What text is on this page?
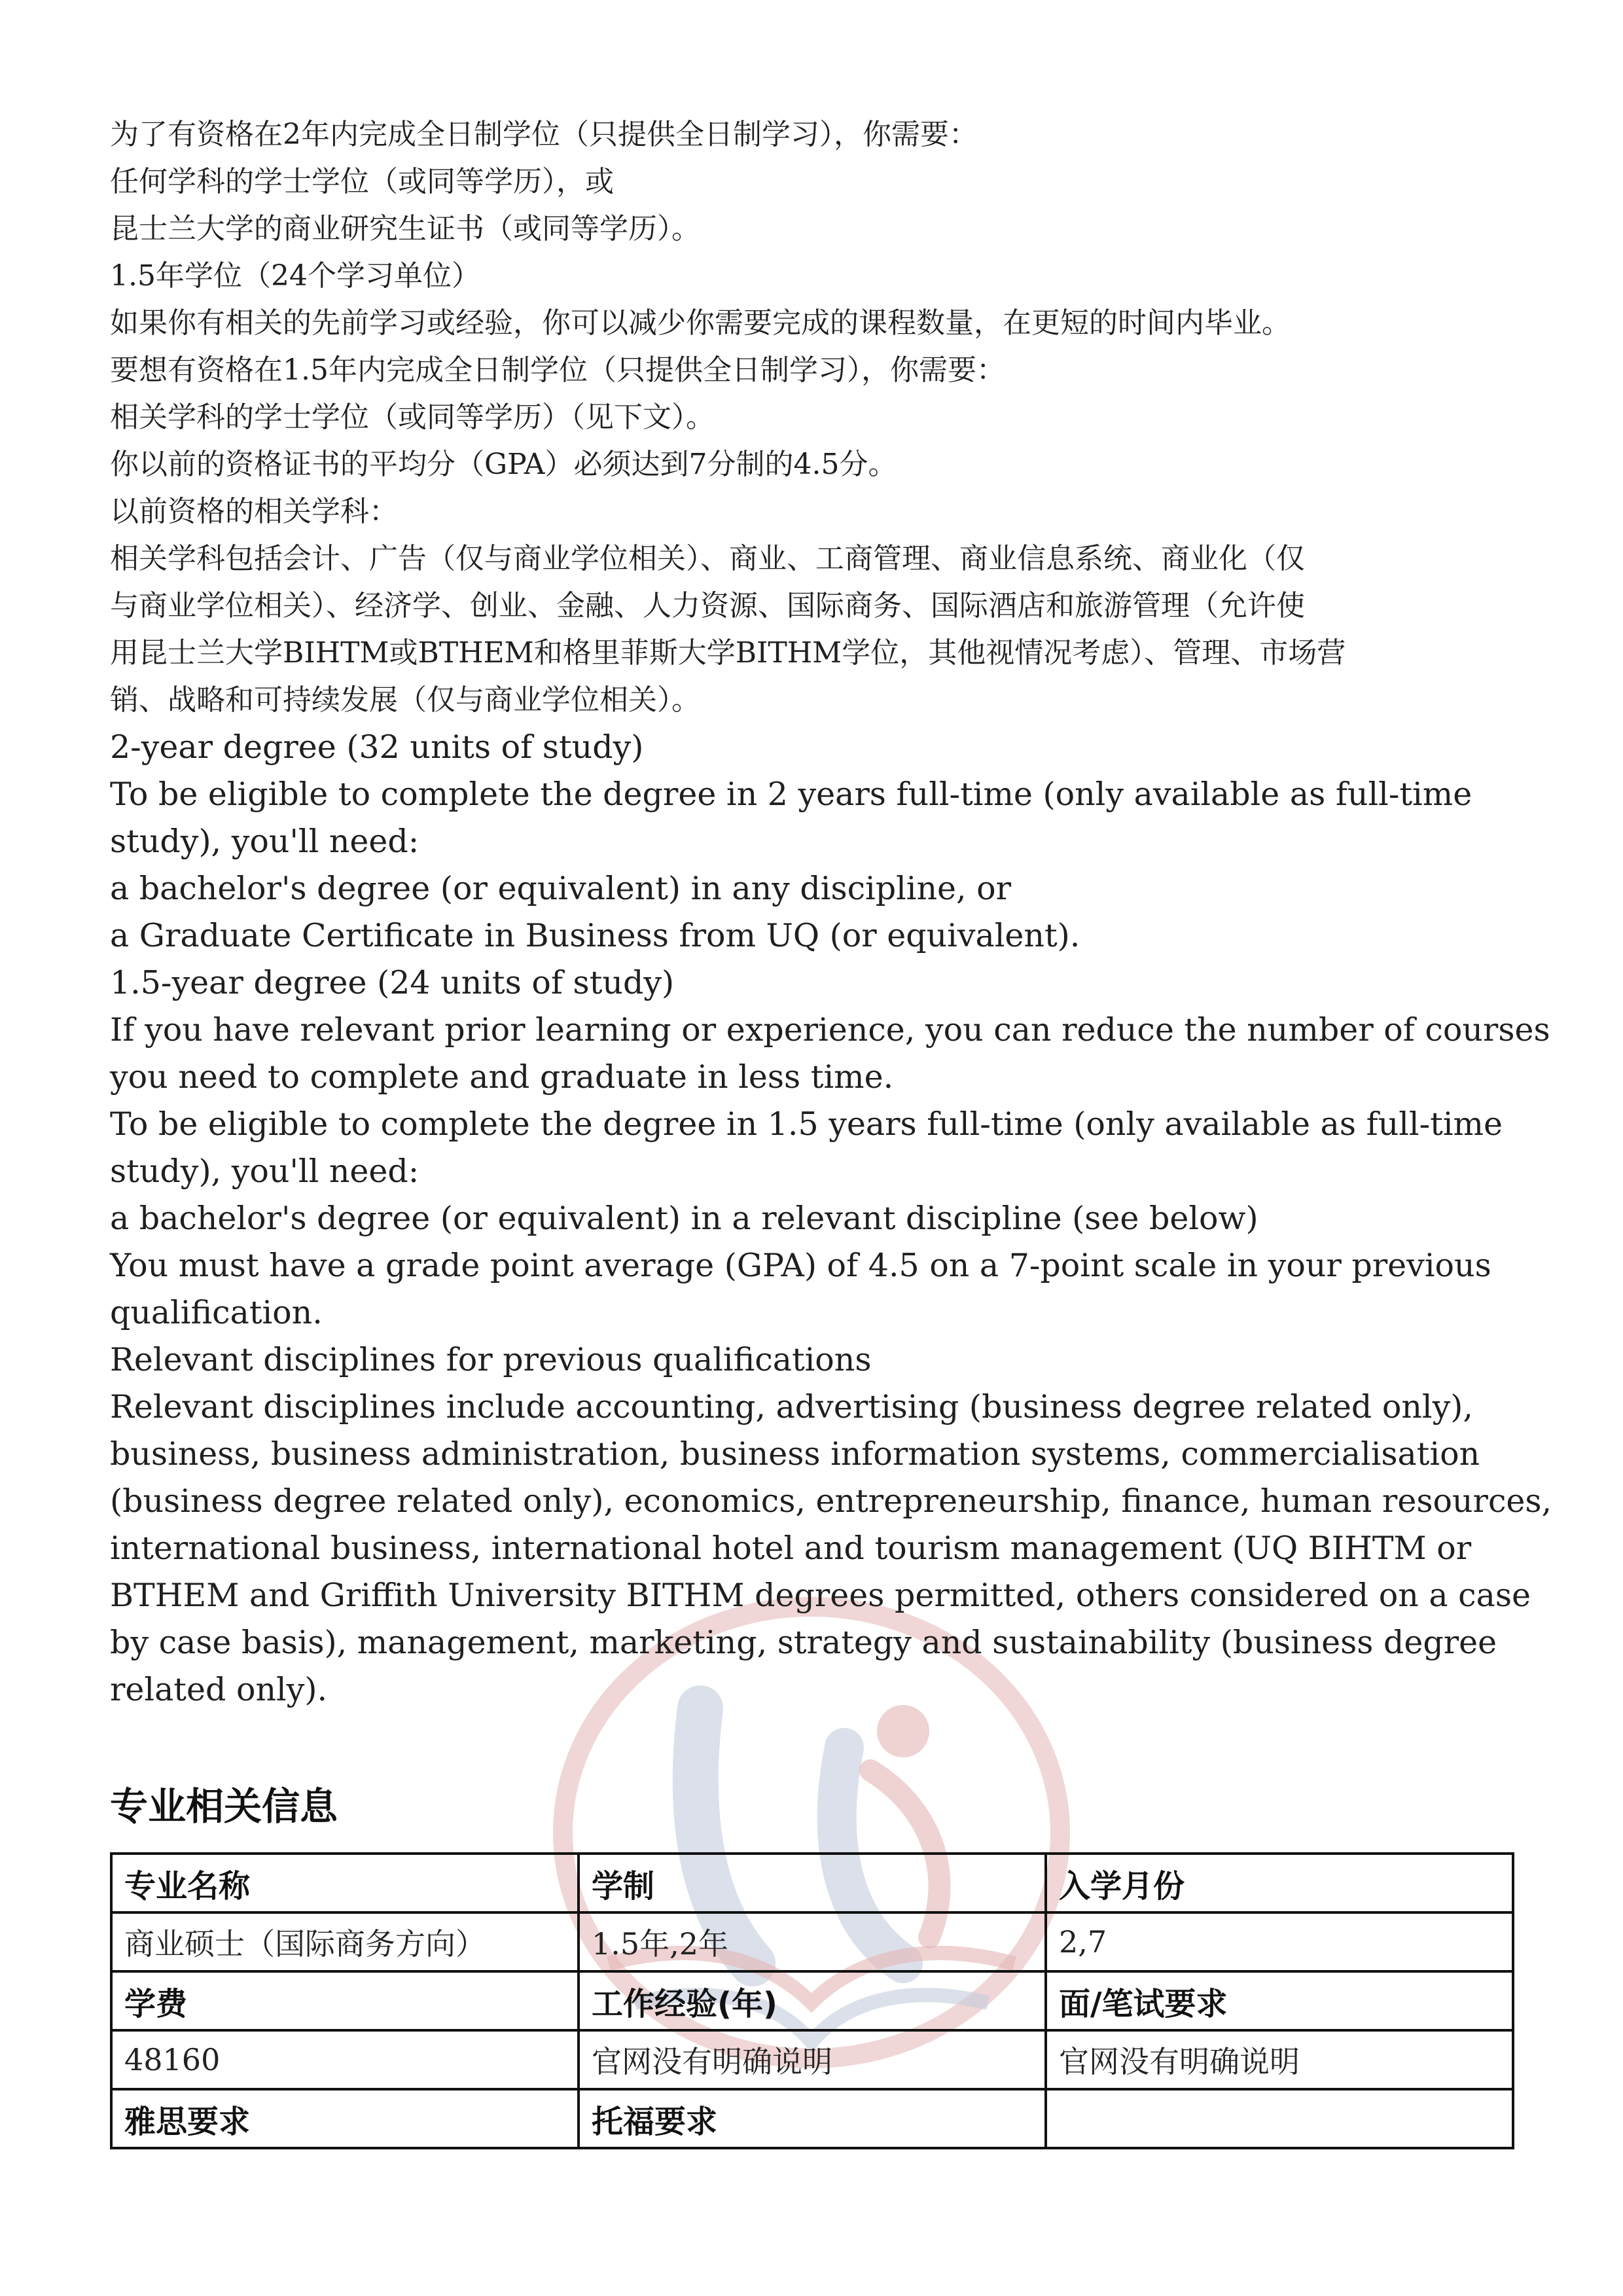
为了有资格在2年内完成全日制学位（只提供全日制学习），你需要：

任何学科的学士学位（或同等学历），或

昆士兰大学的商业研究生证书（或同等学历）。

1.5年学位（24个学习单位）

如果你有相关的先前学习或经验，你可以减少你需要完成的课程数量，在更短的时间内毕业。

要想有资格在1.5年内完成全日制学位（只提供全日制学习），你需要：

相关学科的学士学位（或同等学历）（见下文）。

你以前的资格证书的平均分（GPA）必须达到7分制的4.5分。

以前资格的相关学科：

相关学科包括会计、广告（仅与商业学位相关）、商业、工商管理、商业信息系统、商业化（仅

与商业学位相关）、经济学、创业、金融、人力资源、国际商务、国际酒店和旅游管理（允许使

用昆士兰大学BIHTM或BTHEM和格里菲斯大学BITHM学位，其他视情况考虑）、管理、市场营

销、战略和可持续发展（仅与商业学位相关）。

2-year degree (32 units of study)

To be eligible to complete the degree in 2 years full-time (only available as full-time

study), you'll need:

a bachelor's degree (or equivalent) in any discipline, or

a Graduate Certificate in Business from UQ (or equivalent).

1.5-year degree (24 units of study)

If you have relevant prior learning or experience, you can reduce the number of courses

you need to complete and graduate in less time.

To be eligible to complete the degree in 1.5 years full-time (only available as full-time

study), you'll need:

a bachelor's degree (or equivalent) in a relevant discipline (see below)

You must have a grade point average (GPA) of 4.5 on a 7-point scale in your previous

qualification.

Relevant disciplines for previous qualifications

Relevant disciplines include accounting, advertising (business degree related only),

business, business administration, business information systems, commercialisation

(business degree related only), economics, entrepreneurship, finance, human resources,

international business, international hotel and tourism management (UQ BIHTM or

BTHEM and Griffith University BITHM degrees permitted, others considered on a case

by case basis), management, marketing, strategy and sustainability (business degree

related only).

专业相关信息
专业名称	学制	入学月份
商业硕士（国际商务方向）	1.5年,2年	2,7
学费	工作经验(年)	面/笔试要求
48160	官网没有明确说明	官网没有明确说明
雅思要求	托福要求	
